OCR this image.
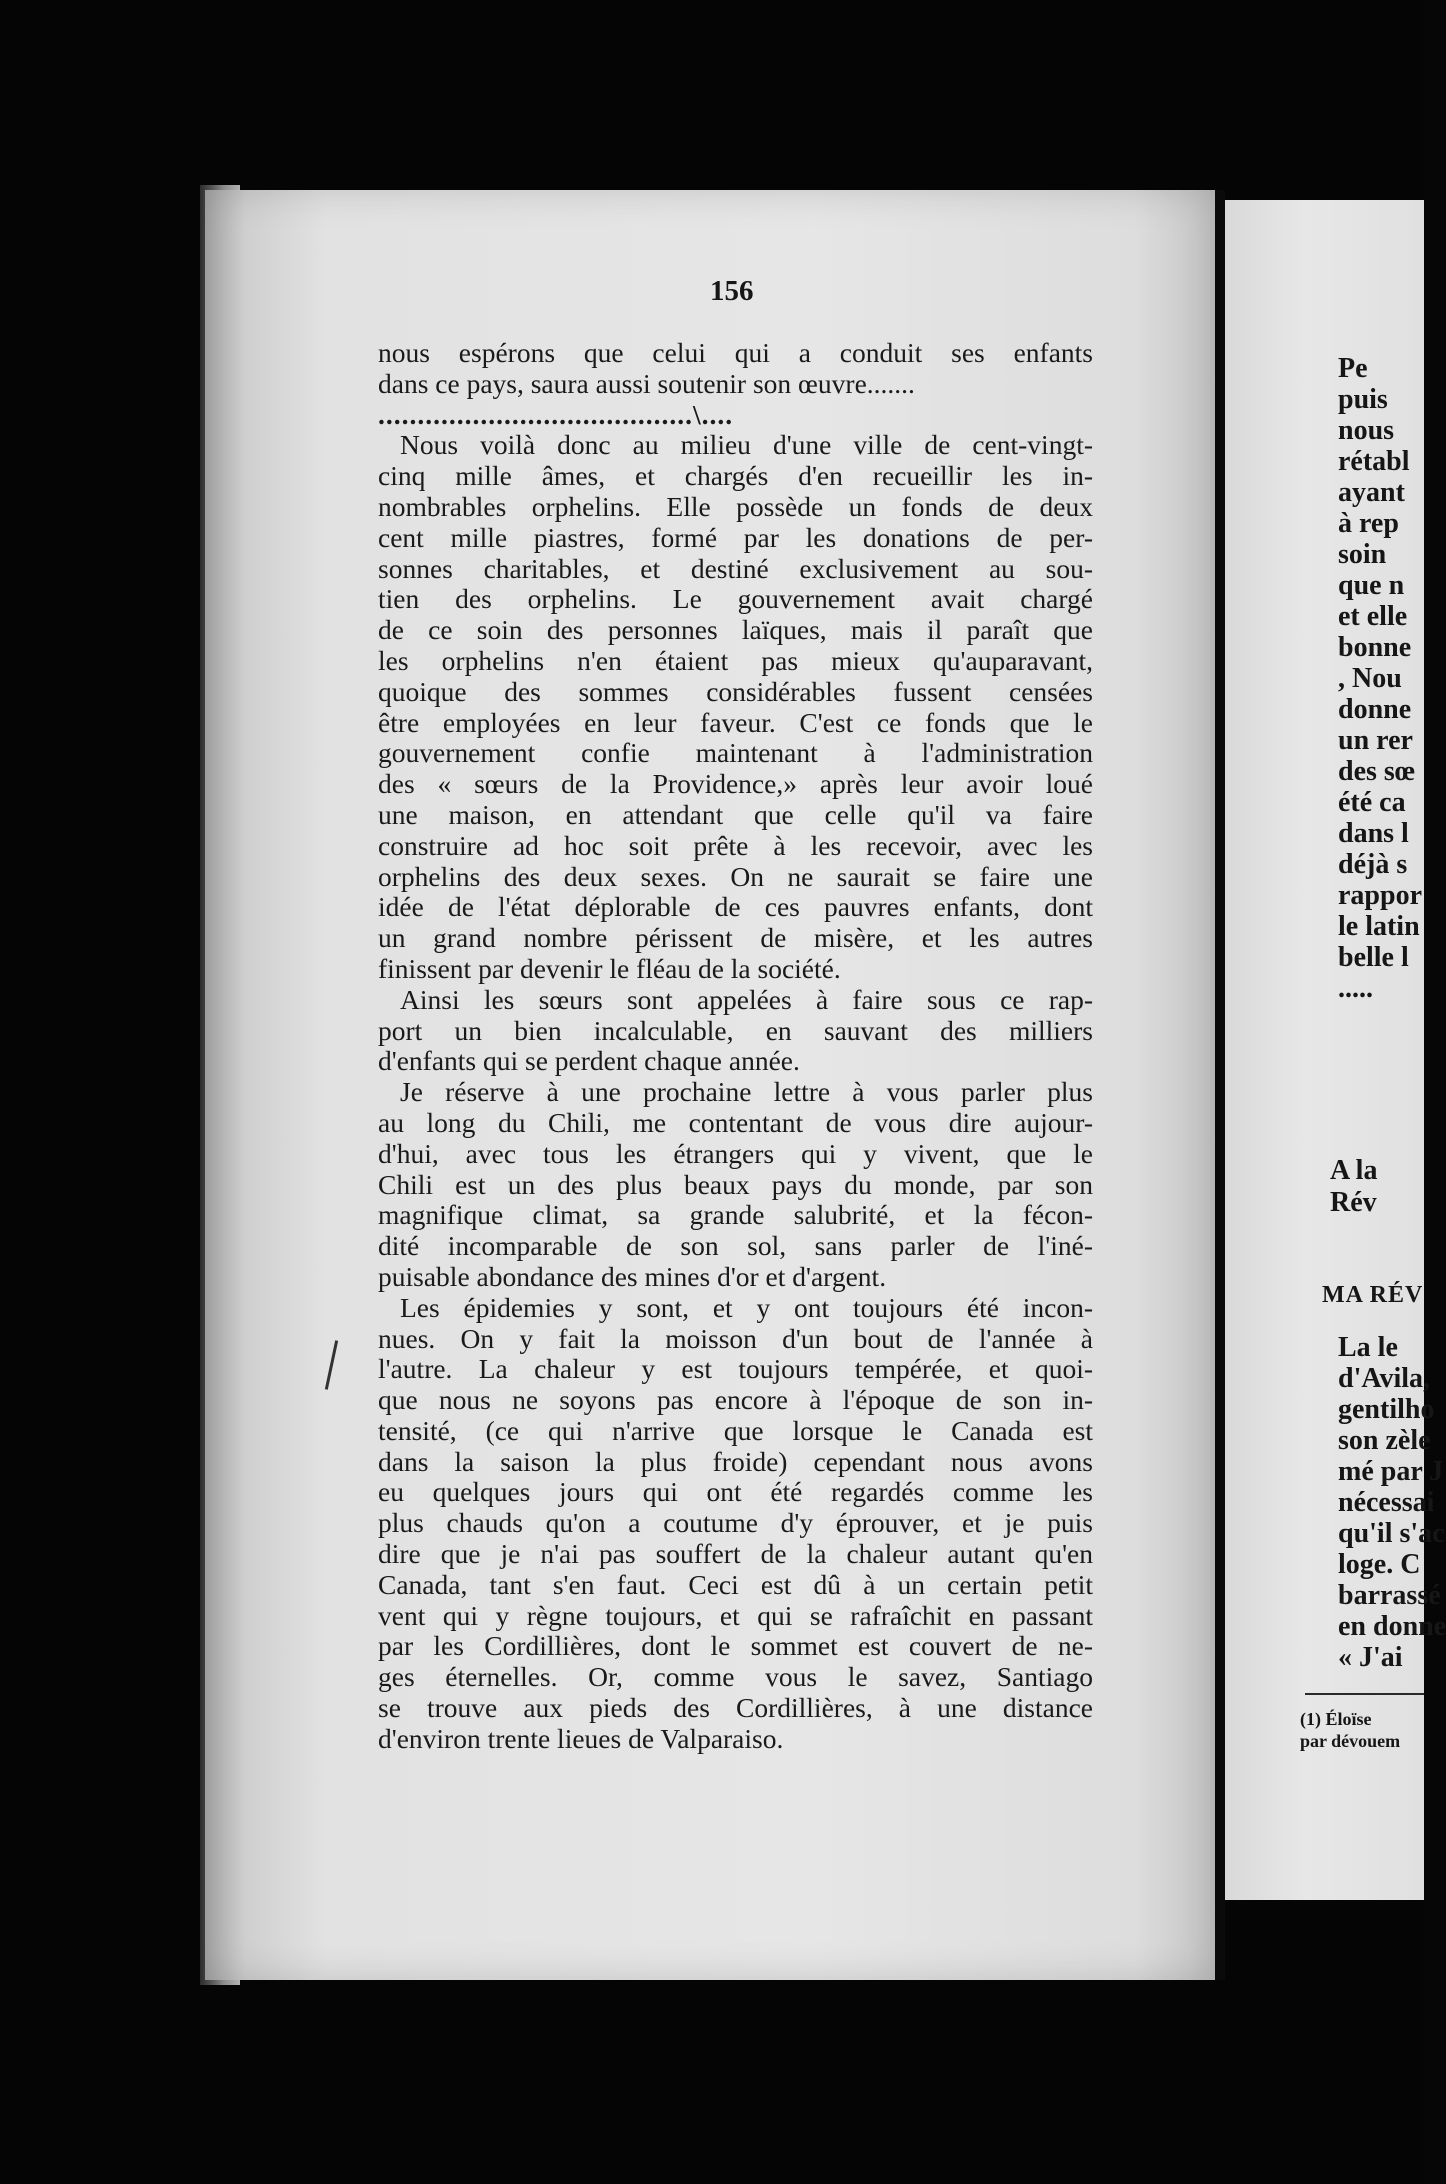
156
nous espérons que celui qui a conduit ses enfants
dans ce pays, saura aussi soutenir son œuvre.......
........................................\....
Nous voilà donc au milieu d'une ville de cent-vingt-
cinq mille âmes, et chargés d'en recueillir les in-
nombrables orphelins. Elle possède un fonds de deux
cent mille piastres, formé par les donations de per-
sonnes charitables, et destiné exclusivement au sou-
tien des orphelins. Le gouvernement avait chargé
de ce soin des personnes laïques, mais il paraît que
les orphelins n'en étaient pas mieux qu'auparavant,
quoique des sommes considérables fussent censées
être employées en leur faveur. C'est ce fonds que le
gouvernement confie maintenant à l'administration
des « sœurs de la Providence,» après leur avoir loué
une maison, en attendant que celle qu'il va faire
construire ad hoc soit prête à les recevoir, avec les
orphelins des deux sexes. On ne saurait se faire une
idée de l'état déplorable de ces pauvres enfants, dont
un grand nombre périssent de misère, et les autres
finissent par devenir le fléau de la société.
Ainsi les sœurs sont appelées à faire sous ce rap-
port un bien incalculable, en sauvant des milliers
d'enfants qui se perdent chaque année.
Je réserve à une prochaine lettre à vous parler plus
au long du Chili, me contentant de vous dire aujour-
d'hui, avec tous les étrangers qui y vivent, que le
Chili est un des plus beaux pays du monde, par son
magnifique climat, sa grande salubrité, et la fécon-
dité incomparable de son sol, sans parler de l'iné-
puisable abondance des mines d'or et d'argent.
Les épidemies y sont, et y ont toujours été incon-
nues. On y fait la moisson d'un bout de l'année à
l'autre. La chaleur y est toujours tempérée, et quoi-
que nous ne soyons pas encore à l'époque de son in-
tensité, (ce qui n'arrive que lorsque le Canada est
dans la saison la plus froide) cependant nous avons
eu quelques jours qui ont été regardés comme les
plus chauds qu'on a coutume d'y éprouver, et je puis
dire que je n'ai pas souffert de la chaleur autant qu'en
Canada, tant s'en faut. Ceci est dû à un certain petit
vent qui y règne toujours, et qui se rafraîchit en passant
par les Cordillières, dont le sommet est couvert de ne-
ges éternelles. Or, comme vous le savez, Santiago
se trouve aux pieds des Cordillières, à une distance
d'environ trente lieues de Valparaiso.
Pe
puis
nous
rétabl
ayant
à rep
soin
que n
et elle
bonne
, Nou
donne
un rer
des sœ
été ca
dans l
déjà s
rappor
le latin
belle l
.....
A la Rév
MA RÉV
La le
d'Avila,
gentilho
son zèle
mé par J
nécessai
qu'il s'ac
loge. C
barrassé
en donne
« J'ai
(1) Éloïse
par dévouem
